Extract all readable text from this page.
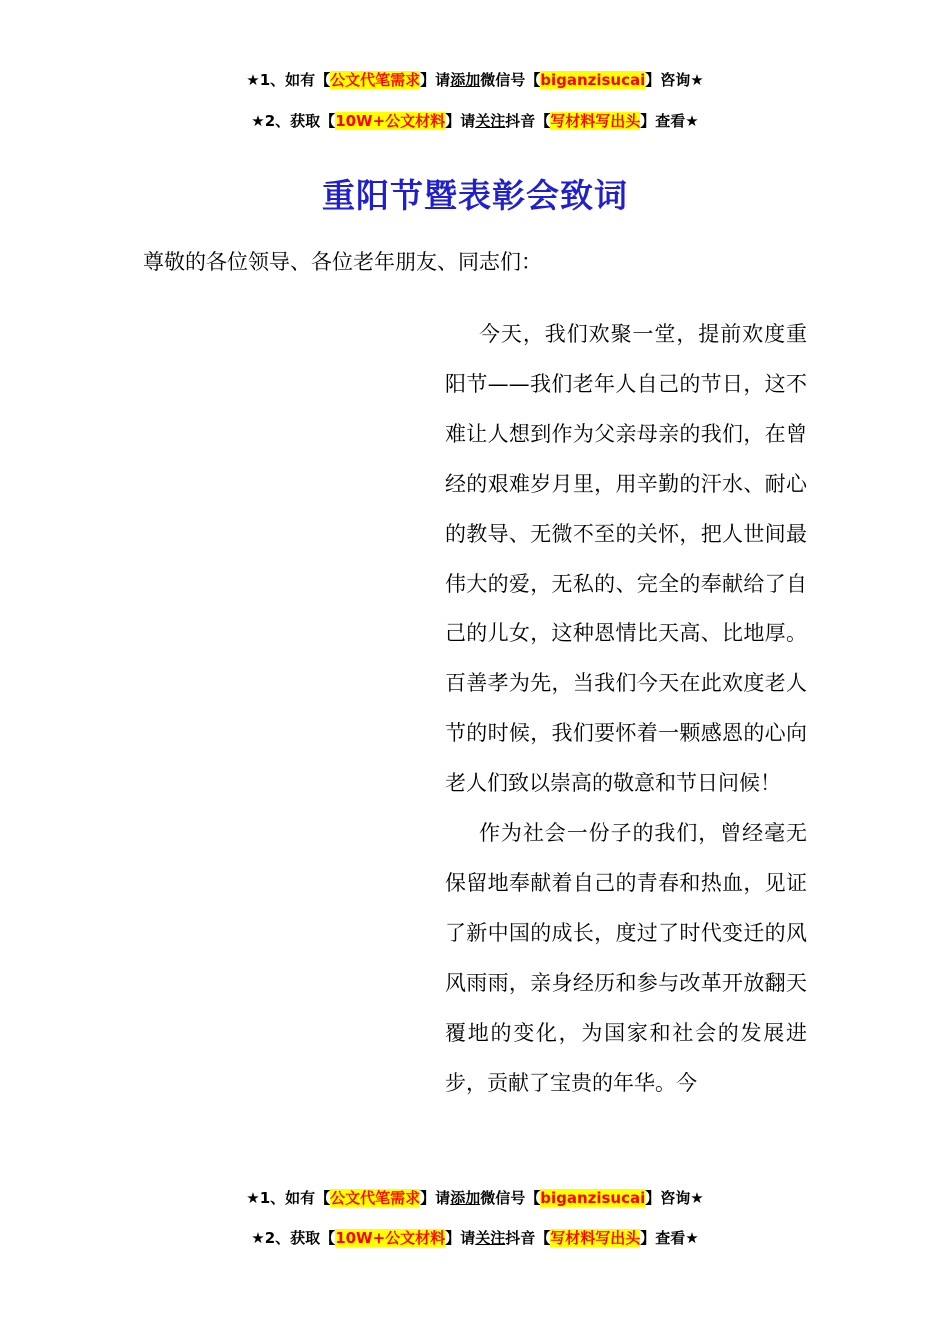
★1、如有【公文代笔需求】请添加微信号【biganzisucai】咨询★
★2、获取【10W+公文材料】请关注抖音【写材料写出头】查看★
重阳节暨表彰会致词
尊敬的各位领导、各位老年朋友、同志们：

今天，我们欢聚一堂，提前欢度重阳节——我们老年人自己的节日，这不难让人想到作为父亲母亲的我们，在曾经的艰难岁月里，用辛勤的汗水、耐心的教导、无微不至的关怀，把人世间最伟大的爱，无私的、完全的奉献给了自己的儿女，这种恩情比天高、比地厚。百善孝为先，当我们今天在此欢度老人节的时候，我们要怀着一颗感恩的心向老人们致以崇高的敬意和节日问候！

作为社会一份子的我们，曾经毫无保留地奉献着自己的青春和热血，见证了新中国的成长，度过了时代变迁的风风雨雨，亲身经历和参与改革开放翻天覆地的变化，为国家和社会的发展进步，贡献了宝贵的年华。今

★1、如有【公文代笔需求】请添加微信号【biganzisucai】咨询★
★2、获取【10W+公文材料】请关注抖音【写材料写出头】查看★
